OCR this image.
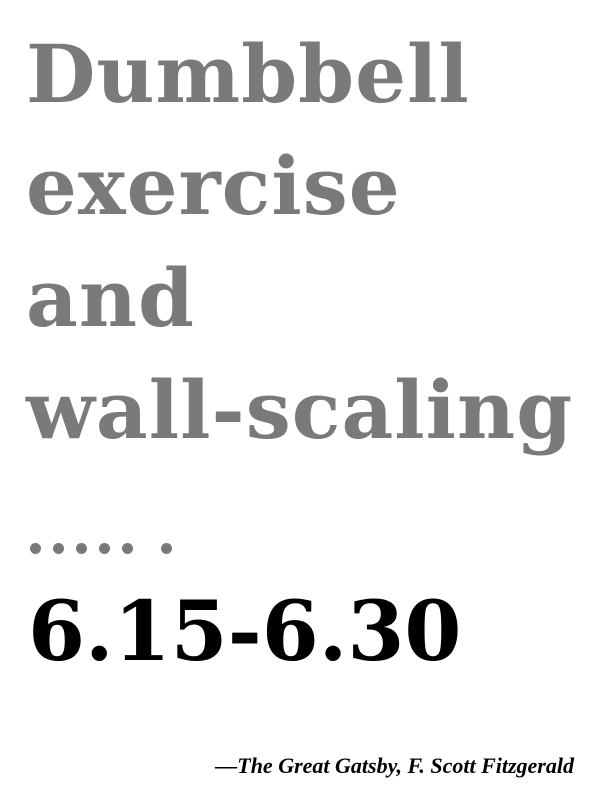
Dumbbell
exercise
and
wall-scaling
6.15-6.30
—The Great Gatsby, F. Scott Fitzgerald
